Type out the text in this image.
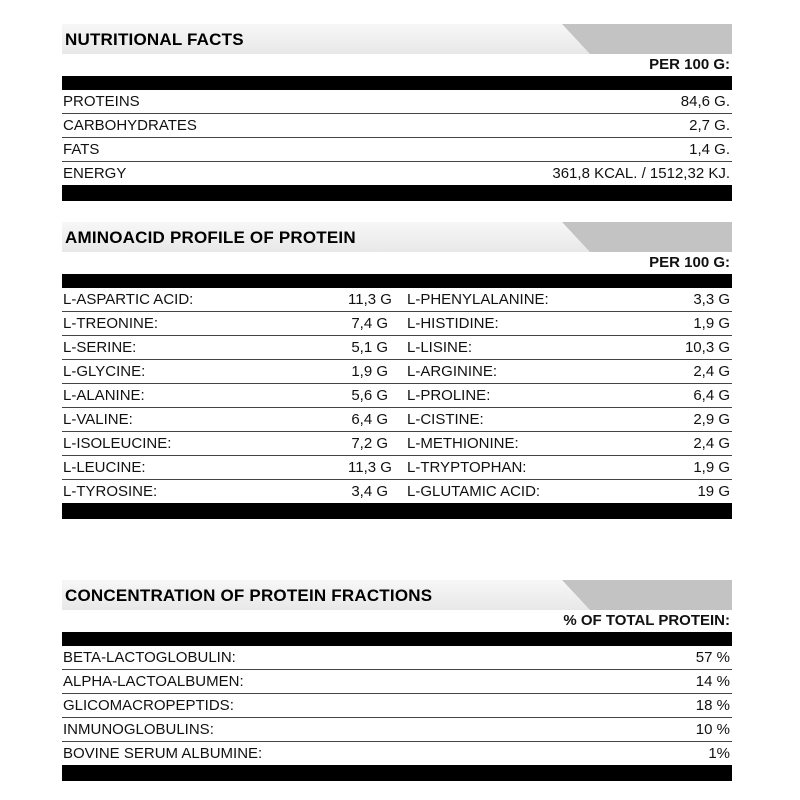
NUTRITIONAL FACTS
PER 100 G:
PROTEINS	84,6 G.
CARBOHYDRATES	2,7 G.
FATS	1,4 G.
ENERGY	361,8 KCAL. / 1512,32 KJ.
AMINOACID PROFILE OF PROTEIN
PER 100 G:
L-ASPARTIC ACID:	11,3 G	L-PHENYLALANINE:	3,3 G
L-TREONINE:	7,4 G	L-HISTIDINE:	1,9 G
L-SERINE:	5,1 G	L-LISINE:	10,3 G
L-GLYCINE:	1,9 G	L-ARGININE:	2,4 G
L-ALANINE:	5,6 G	L-PROLINE:	6,4 G
L-VALINE:	6,4 G	L-CISTINE:	2,9 G
L-ISOLEUCINE:	7,2 G	L-METHIONINE:	2,4 G
L-LEUCINE:	11,3 G	L-TRYPTOPHAN:	1,9 G
L-TYROSINE:	3,4 G	L-GLUTAMIC ACID:	19 G
CONCENTRATION OF PROTEIN FRACTIONS
% OF TOTAL PROTEIN:
BETA-LACTOGLOBULIN:	57 %
ALPHA-LACTOALBUMEN:	14 %
GLICOMACROPEPTIDS:	18 %
INMUNOGLOBULINS:	10 %
BOVINE SERUM ALBUMINE:	1%
